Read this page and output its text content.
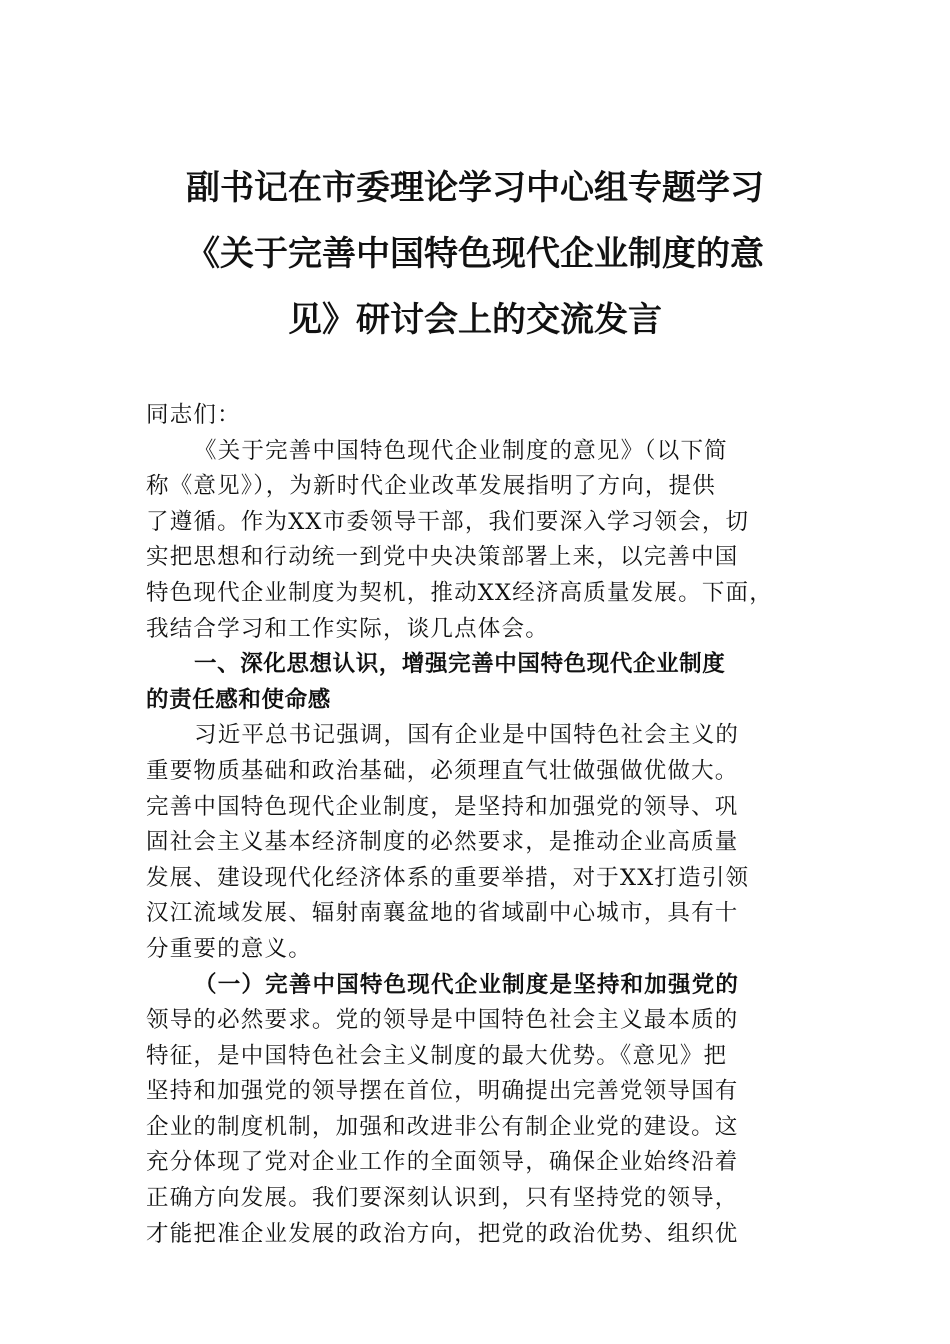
副书记在市委理论学习中心组专题学习
《关于完善中国特色现代企业制度的意
见》研讨会上的交流发言
同志们：
《关于完善中国特色现代企业制度的意见》（以下简
称《意见》），为新时代企业改革发展指明了方向，提供
了遵循。作为XX市委领导干部，我们要深入学习领会，切
实把思想和行动统一到党中央决策部署上来，以完善中国
特色现代企业制度为契机，推动XX经济高质量发展。下面，
我结合学习和工作实际，谈几点体会。
一、深化思想认识，增强完善中国特色现代企业制度
的责任感和使命感
习近平总书记强调，国有企业是中国特色社会主义的
重要物质基础和政治基础，必须理直气壮做强做优做大。
完善中国特色现代企业制度，是坚持和加强党的领导、巩
固社会主义基本经济制度的必然要求，是推动企业高质量
发展、建设现代化经济体系的重要举措，对于XX打造引领
汉江流域发展、辐射南襄盆地的省域副中心城市，具有十
分重要的意义。
（一）完善中国特色现代企业制度是坚持和加强党的
领导的必然要求。党的领导是中国特色社会主义最本质的
特征，是中国特色社会主义制度的最大优势。《意见》把
坚持和加强党的领导摆在首位，明确提出完善党领导国有
企业的制度机制，加强和改进非公有制企业党的建设。这
充分体现了党对企业工作的全面领导，确保企业始终沿着
正确方向发展。我们要深刻认识到，只有坚持党的领导，
才能把准企业发展的政治方向，把党的政治优势、组织优
